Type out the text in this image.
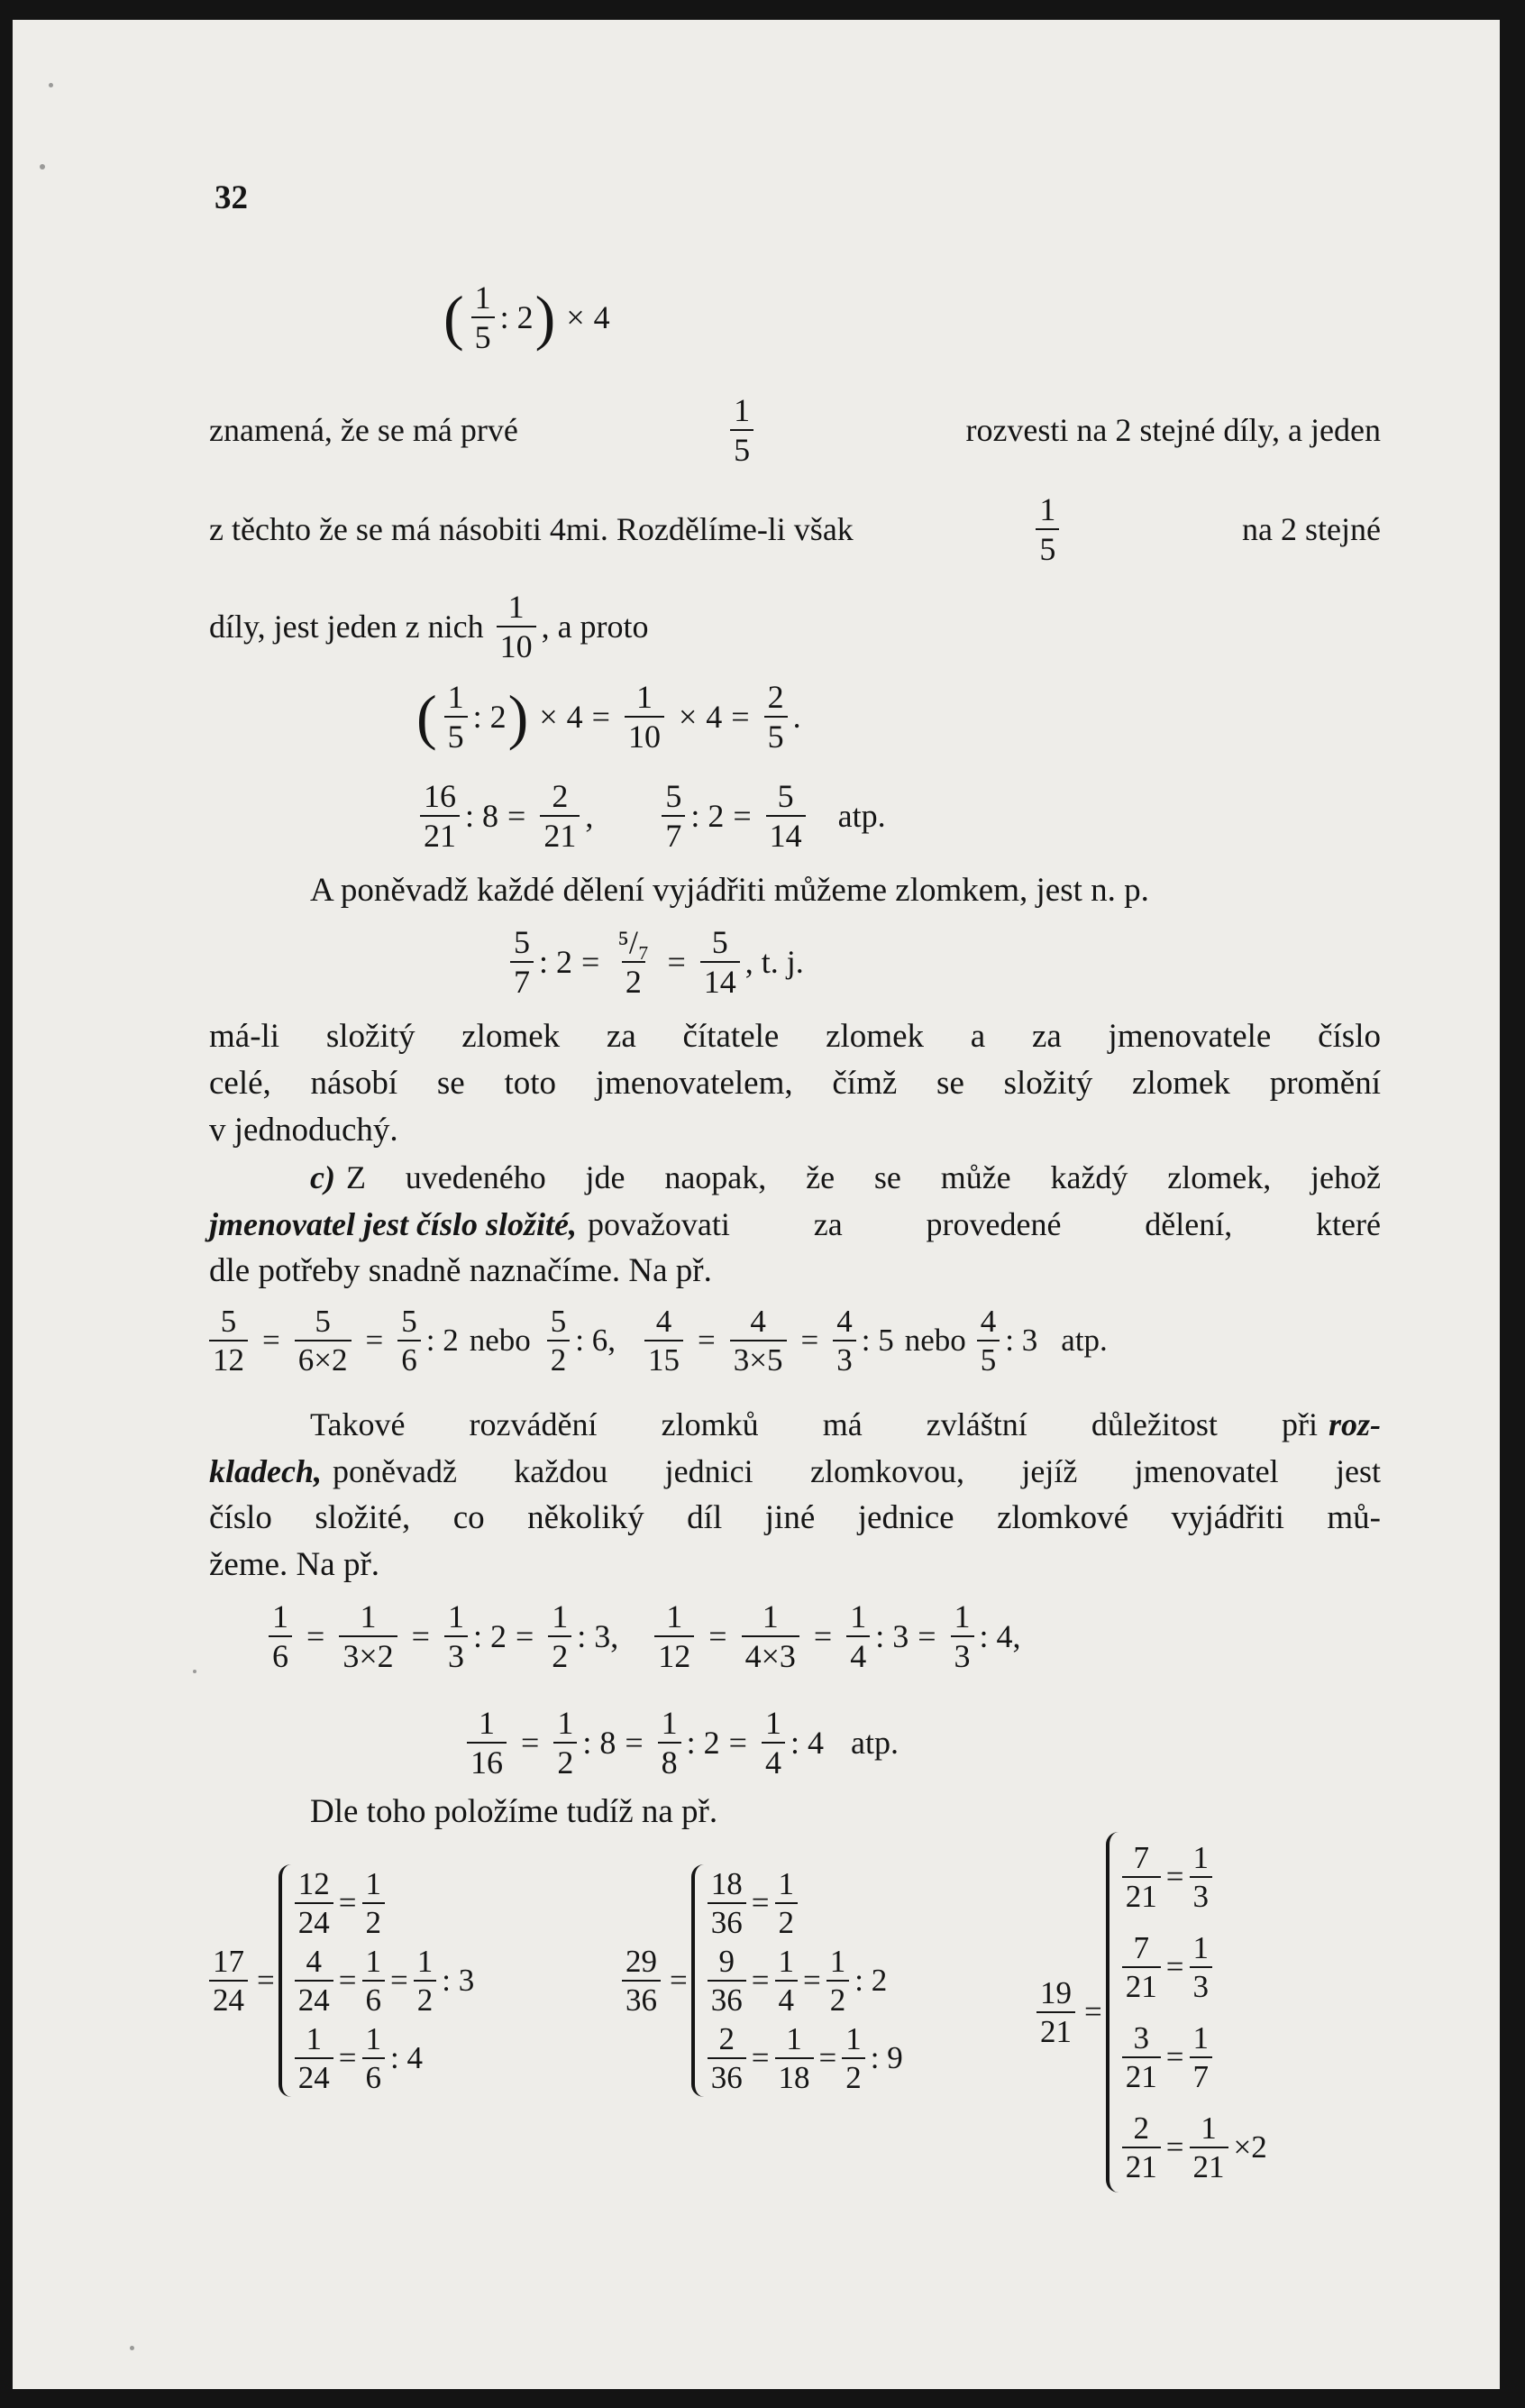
32
( $\frac{1}{5}$ : 2 ) × 4
znamená, že se má prvé	$\frac{1}{5}$	rozvesti na 2 stejné díly, a jeden
z těchto že se má násobiti 4mi. Rozdělíme-li však	$\frac{1}{5}$	na 2 stejné
díly, jest jeden z nich $\frac{1}{10}$ , a proto
( $\frac{1}{5}$ : 2 ) × $4 = \frac{1}{10} \times 4 = \frac{2}{5}$ .
$\frac{16}{21}$ : $8 = \frac{2}{21}$ , $\frac{5}{7}$ : $2 = \frac{5}{14}$ atp.
A poněvadž každé dělení vyjádřiti můžeme zlomkem, jest n. p.
$\frac{5}{7}$ : $2 = \frac{\text{⁵/₇}}{2} = \frac{5}{14}$ , t. j.
má-li složitý zlomek za čítatele zlomek a za jmenovatele číslo
celé, násobí se toto jmenovatelem, čímž se složitý zlomek promění
v jednoduchý.
c) Z uvedeného jde naopak, že se může každý zlomek, jehož
jmenovatel jest číslo složité, považovati za provedené dělení, které
dle potřeby snadně naznačíme. Na př.
$\frac{5}{12} = \frac{5}{6\times 2} = \frac{5}{6}$ : 2 nebo $\frac{5}{2}$ : 6, $\frac{4}{15} = \frac{4}{3\times 5} = \frac{4}{3}$ : 5 nebo $\frac{4}{5}$ : 3 atp.
Takové rozvádění zlomků má zvláštní důležitost při roz-
kladech, poněvadž každou jednici zlomkovou, jejíž jmenovatel jest
číslo složité, co několiký díl jiné jednice zlomkové vyjádřiti mů-
žeme. Na př.
$\frac{1}{6} = \frac{1}{3\times 2} = \frac{1}{3}$ : $2 = \frac{1}{2}$ : 3, $\frac{1}{12} = \frac{1}{4\times 3} = \frac{1}{4}$ : $3 = \frac{1}{3}$ : 4,
$\frac{1}{16} = \frac{1}{2}$ : $8 = \frac{1}{8}$ : $2 = \frac{1}{4}$ : 4 atp.
Dle toho položíme tudíž na př.
$\frac{17}{24}$ =
$\frac{12}{24} = \frac{1}{2}$
$\frac{4}{24} = \frac{1}{6} = \frac{1}{2}$ : 3
$\frac{1}{24} = \frac{1}{6}$ : 4
$\frac{29}{36}$ =
$\frac{18}{36} = \frac{1}{2}$
$\frac{9}{36} = \frac{1}{4} = \frac{1}{2}$ : 2
$\frac{2}{36} = \frac{1}{18} = \frac{1}{2}$ : 9
$\frac{19}{21}$ =
$\frac{7}{21} = \frac{1}{3}$
$\frac{7}{21} = \frac{1}{3}$
$\frac{3}{21} = \frac{1}{7}$
$\frac{2}{21} = \frac{1}{21} \times 2$
